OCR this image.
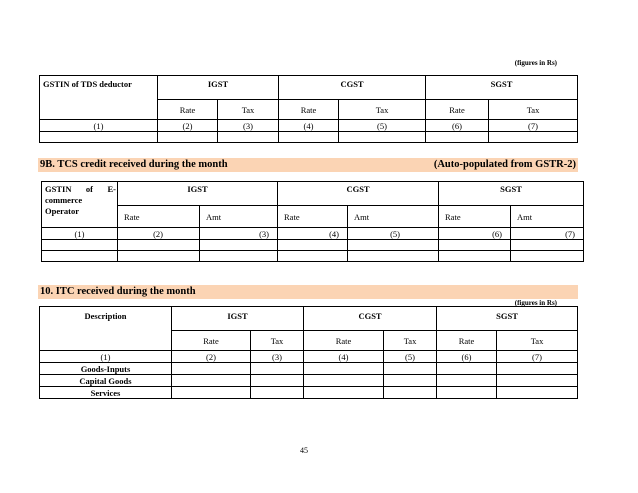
(figures in Rs)
GSTIN of TDS deductor	IGST		CGST		SGST	
	Rate	Tax	Rate	Tax	Rate	Tax
(1)	(2)	(3)	(4)	(5)	(6)	(7)

9B. TCS credit received during the month	(Auto-populated from GSTR-2)
GSTIN of E-
commerce
Operator	IGST		CGST		SGST	
	Rate	Amt	Rate	Amt	Rate	Amt
(1)	(2)	(3)	(4)	(5)	(6)	(7)

10. ITC received during the month
(figures in Rs)
Description	IGST		CGST		SGST	
	Rate	Tax	Rate	Tax	Rate	Tax
(1)	(2)	(3)	(4)	(5)	(6)	(7)
Goods-Inputs						
Capital Goods						
Services						
45
